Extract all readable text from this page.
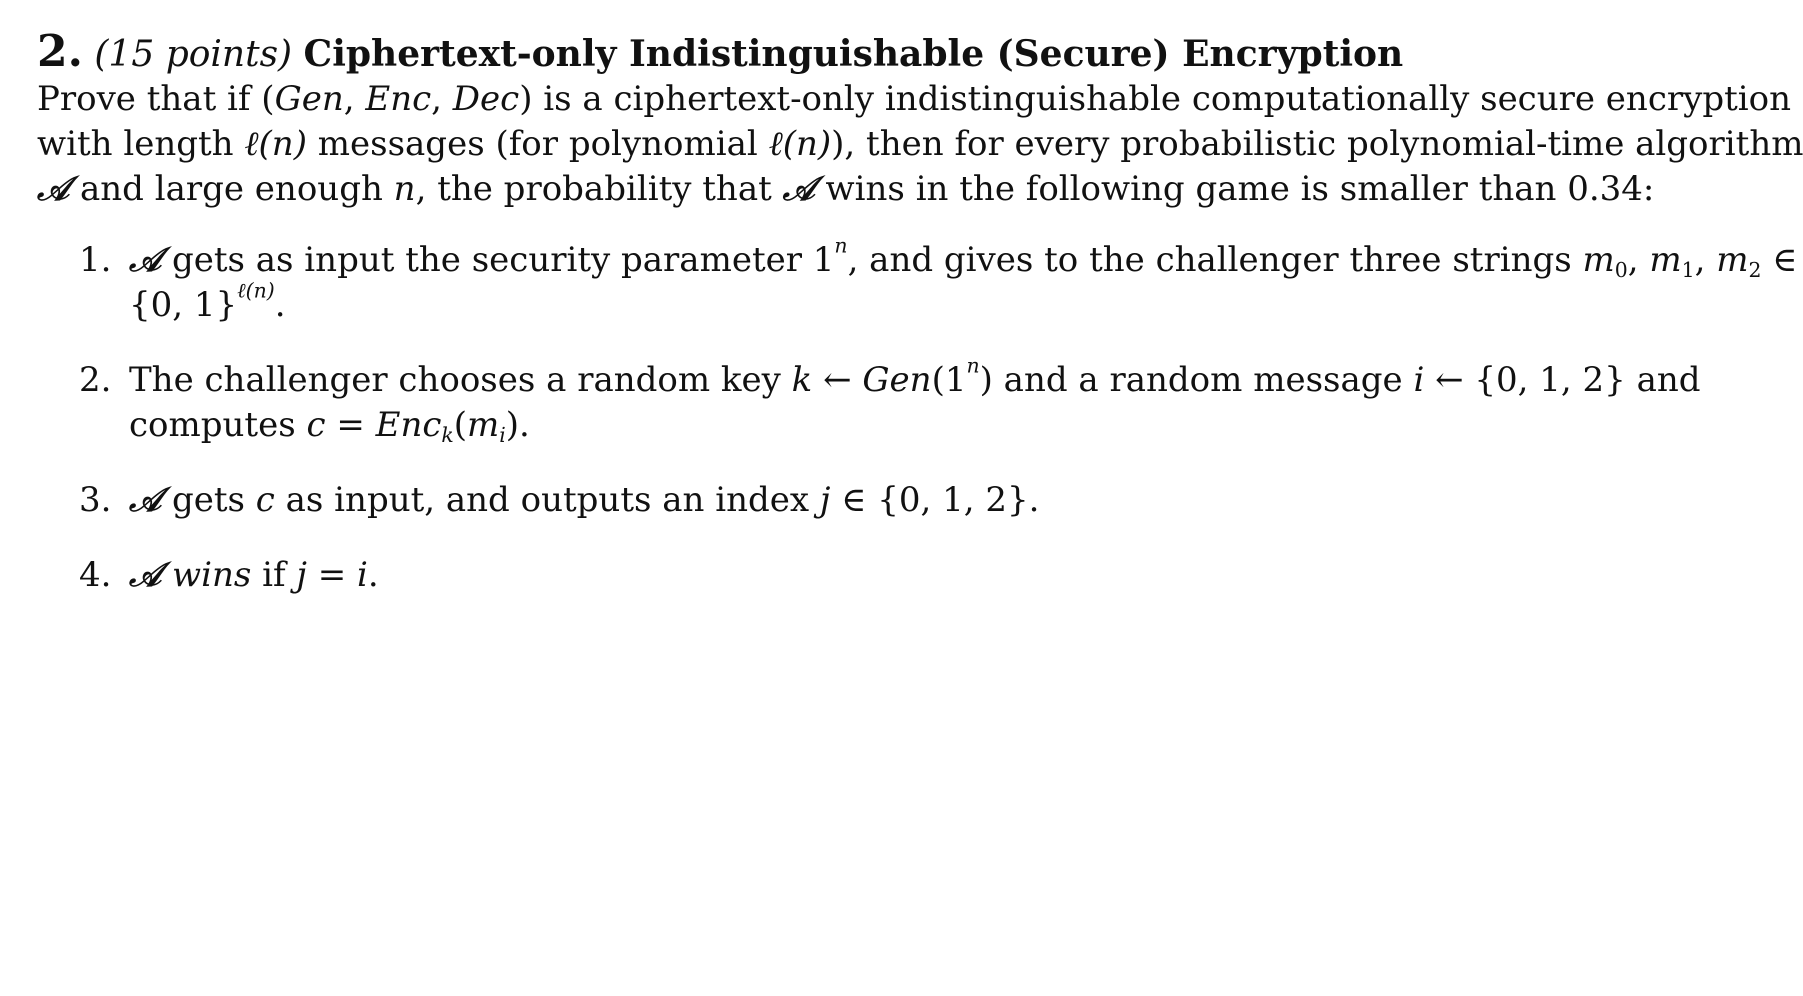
2. (15 points) Ciphertext-only Indistinguishable (Secure) Encryption
Prove that if (Gen, Enc, Dec) is a ciphertext-only indistinguishable computationally secure encryption
with length ℓ(n) messages (for polynomial ℓ(n)), then for every probabilistic polynomial-time algorithm
𝒜 and large enough n, the probability that 𝒜 wins in the following game is smaller than 0.34:
1. 𝒜 gets as input the security parameter 1$^n$, and gives to the challenger three strings $m_0$, $m_1$, $m_2$ ∈
{0, 1}$^{\ell(n)}$.
2. The challenger chooses a random key k ← Gen(1$^n$) and a random message i ← {0, 1, 2} and
computes $c = Enc_k(m_i)$.
3. 𝒜 gets c as input, and outputs an index j ∈ {0, 1, 2}.
4. 𝒜 wins if j = i.
